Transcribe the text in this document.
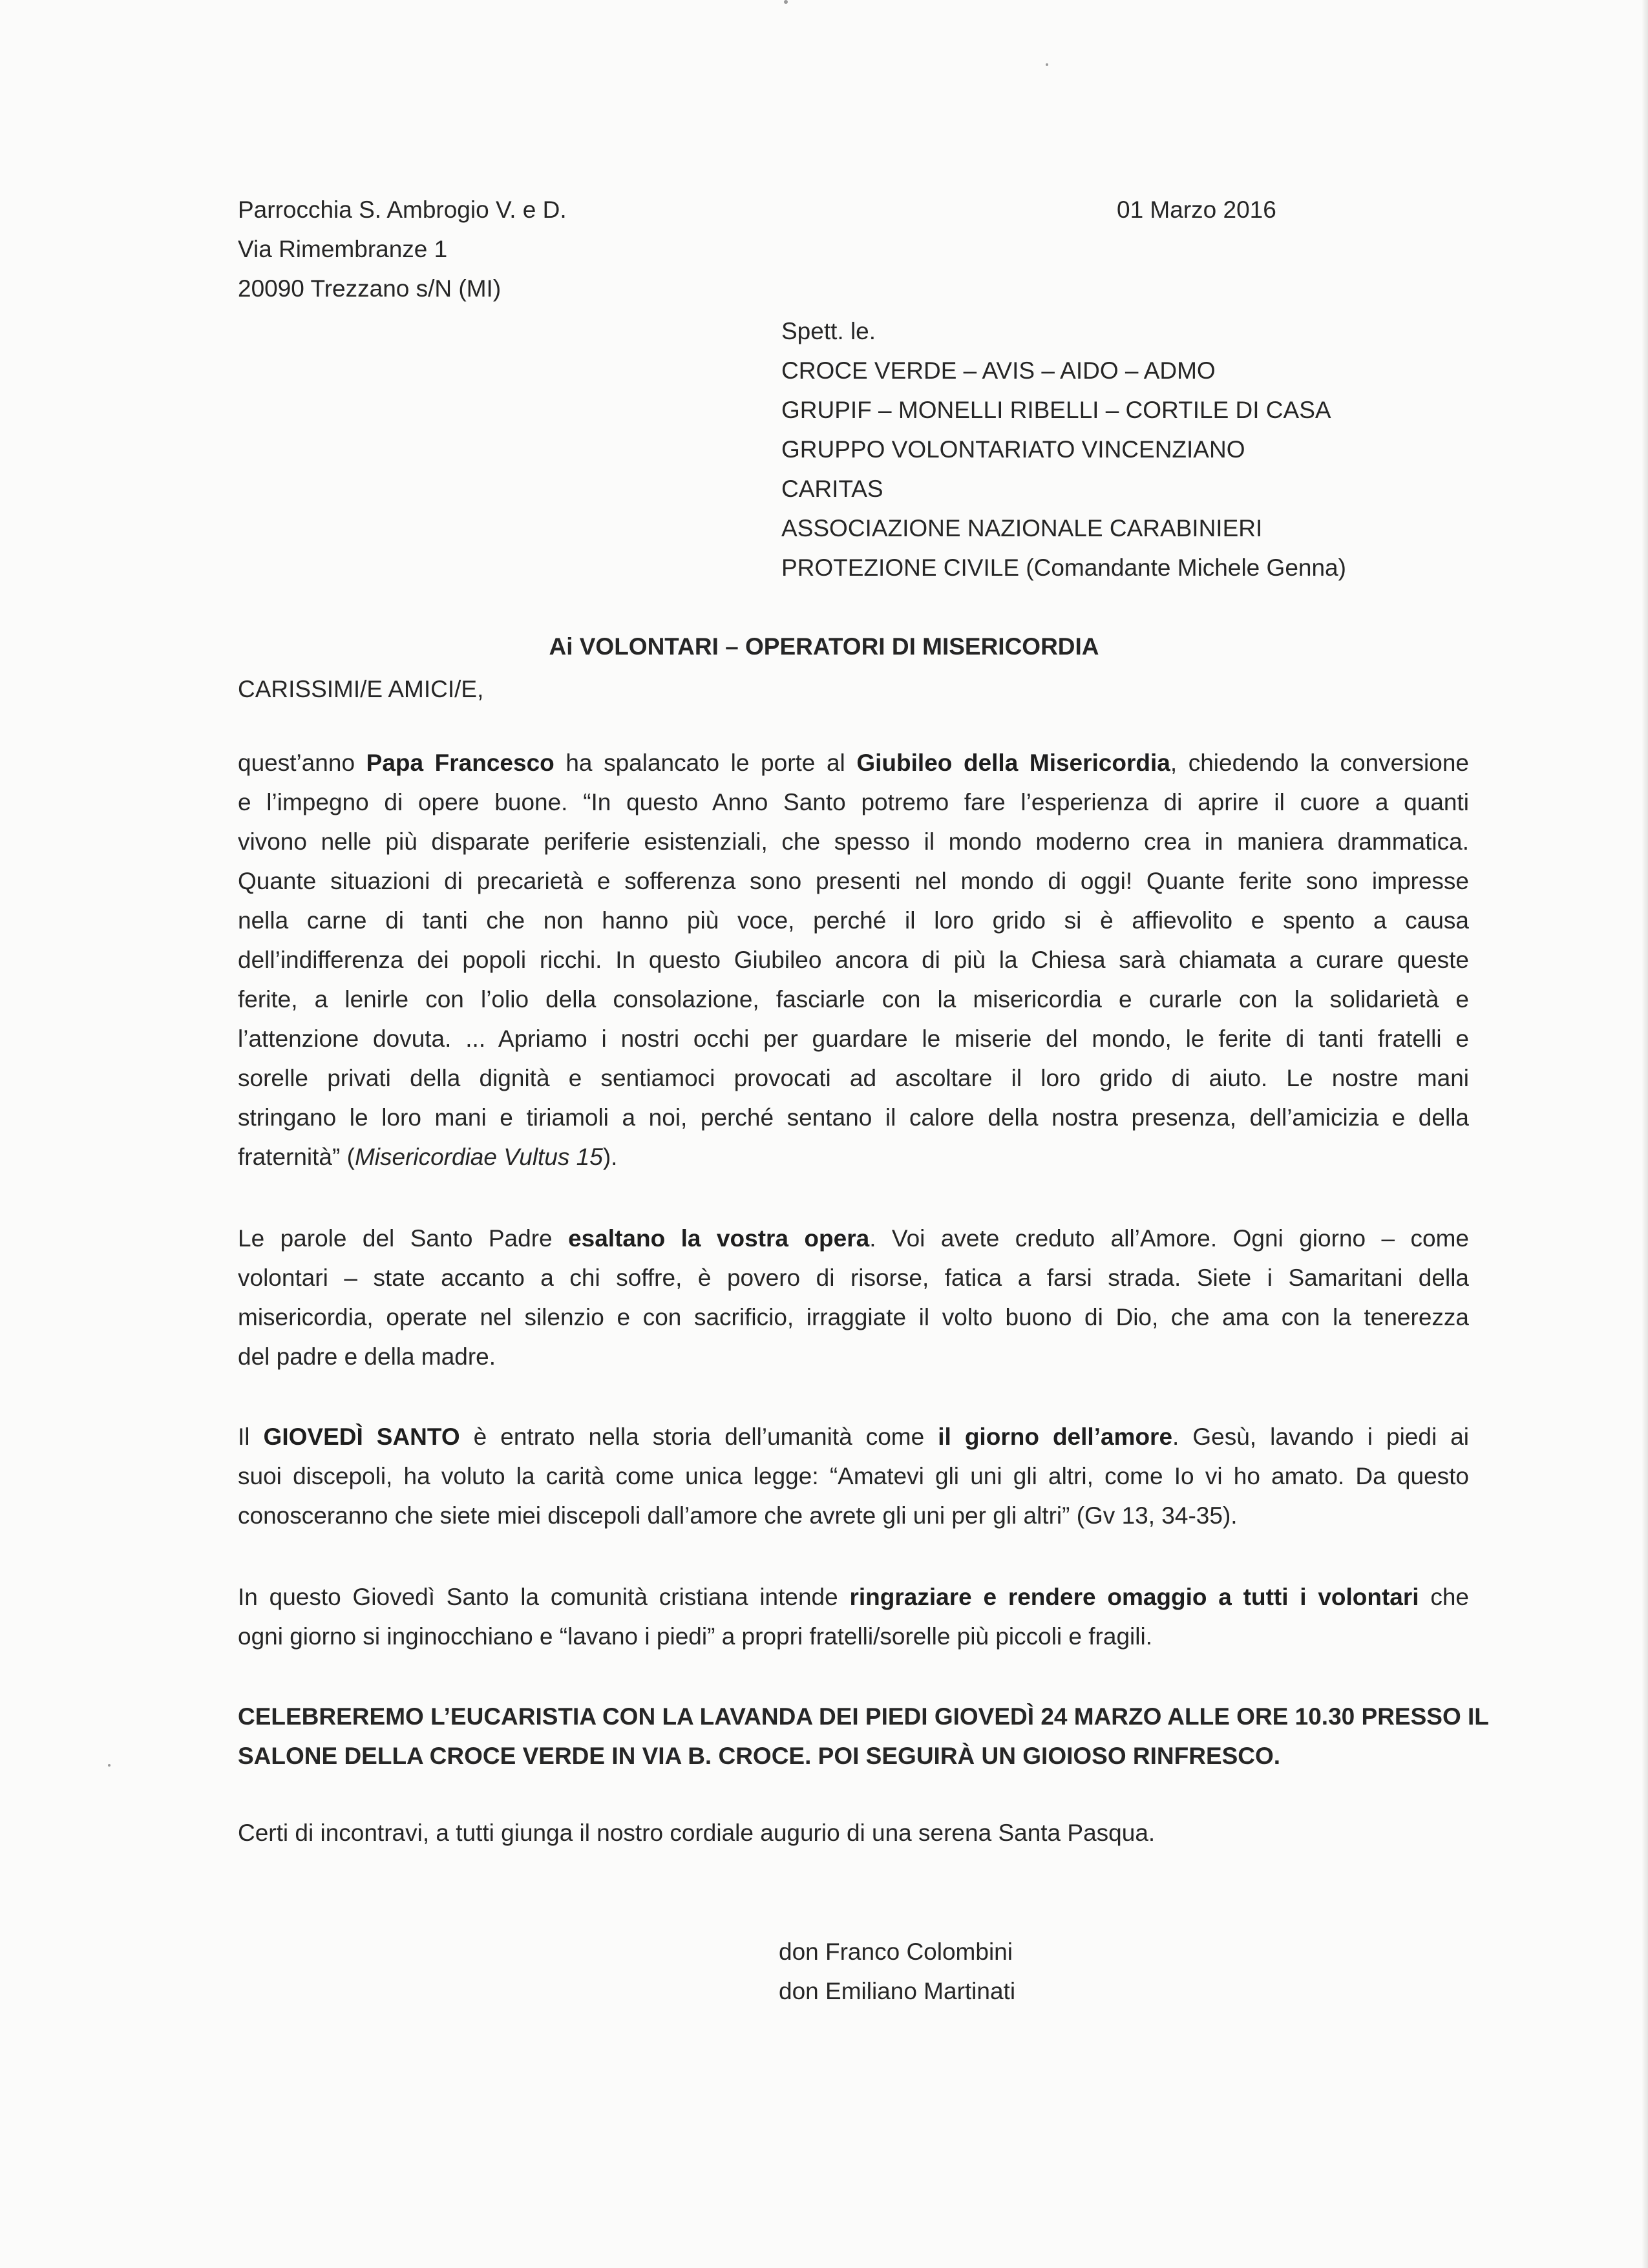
Parrocchia S. Ambrogio V. e D.
Via Rimembranze 1
20090 Trezzano s/N (MI)
01 Marzo 2016
Spett. le.
CROCE VERDE – AVIS – AIDO – ADMO
GRUPIF – MONELLI RIBELLI – CORTILE DI CASA
GRUPPO VOLONTARIATO VINCENZIANO
CARITAS
ASSOCIAZIONE NAZIONALE CARABINIERI
PROTEZIONE CIVILE (Comandante Michele Genna)
Ai VOLONTARI – OPERATORI DI MISERICORDIA
CARISSIMI/E AMICI/E,
quest’anno Papa Francesco ha spalancato le porte al Giubileo della Misericordia, chiedendo la conversione
e l’impegno di opere buone. “In questo Anno Santo potremo fare l’esperienza di aprire il cuore a quanti
vivono nelle più disparate periferie esistenziali, che spesso il mondo moderno crea in maniera drammatica.
Quante situazioni di precarietà e sofferenza sono presenti nel mondo di oggi! Quante ferite sono impresse
nella carne di tanti che non hanno più voce, perché il loro grido si è affievolito e spento a causa
dell’indifferenza dei popoli ricchi. In questo Giubileo ancora di più la Chiesa sarà chiamata a curare queste
ferite, a lenirle con l’olio della consolazione, fasciarle con la misericordia e curarle con la solidarietà e
l’attenzione dovuta. ... Apriamo i nostri occhi per guardare le miserie del mondo, le ferite di tanti fratelli e
sorelle privati della dignità e sentiamoci provocati ad ascoltare il loro grido di aiuto. Le nostre mani
stringano le loro mani e tiriamoli a noi, perché sentano il calore della nostra presenza, dell’amicizia e della
fraternità” (Misericordiae Vultus 15).
Le parole del Santo Padre esaltano la vostra opera. Voi avete creduto all’Amore. Ogni giorno – come
volontari – state accanto a chi soffre, è povero di risorse, fatica a farsi strada. Siete i Samaritani della
misericordia, operate nel silenzio e con sacrificio, irraggiate il volto buono di Dio, che ama con la tenerezza
del padre e della madre.
Il GIOVEDÌ SANTO è entrato nella storia dell’umanità come il giorno dell’amore. Gesù, lavando i piedi ai
suoi discepoli, ha voluto la carità come unica legge: “Amatevi gli uni gli altri, come Io vi ho amato. Da questo
conosceranno che siete miei discepoli dall’amore che avrete gli uni per gli altri” (Gv 13, 34-35).
In questo Giovedì Santo la comunità cristiana intende ringraziare e rendere omaggio a tutti i volontari che
ogni giorno si inginocchiano e “lavano i piedi” a propri fratelli/sorelle più piccoli e fragili.
CELEBREREMO L’EUCARISTIA CON LA LAVANDA DEI PIEDI GIOVEDÌ 24 MARZO ALLE ORE 10.30 PRESSO IL
SALONE DELLA CROCE VERDE IN VIA B. CROCE. POI SEGUIRÀ UN GIOIOSO RINFRESCO.
Certi di incontravi, a tutti giunga il nostro cordiale augurio di una serena Santa Pasqua.
don Franco Colombini
don Emiliano Martinati
